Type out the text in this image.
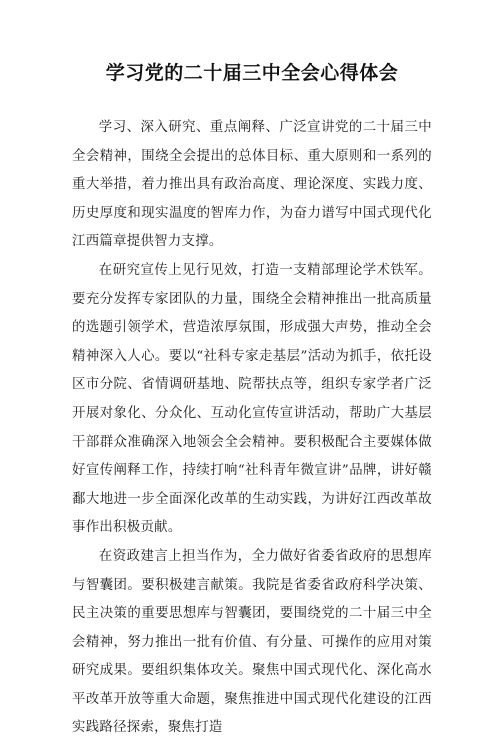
学习党的二十届三中全会心得体会

学习、深入研究、重点阐释、广泛宣讲党的二十届三中全会精神，围绕全会提出的总体目标、重大原则和一系列的重大举措，着力推出具有政治高度、理论深度、实践力度、历史厚度和现实温度的智库力作，为奋力谱写中国式现代化江西篇章提供智力支撑。

在研究宣传上见行见效，打造一支精部理论学术铁军。要充分发挥专家团队的力量，围绕全会精神推出一批高质量的选题引领学术，营造浓厚氛围，形成强大声势，推动全会精神深入人心。要以“社科专家走基层”活动为抓手，依托设区市分院、省情调研基地、院帮扶点等，组织专家学者广泛开展对象化、分众化、互动化宣传宣讲活动，帮助广大基层干部群众准确深入地领会全会精神。要积极配合主要媒体做好宣传阐释工作，持续打响“社科青年微宣讲”品牌，讲好赣鄱大地进一步全面深化改革的生动实践，为讲好江西改革故事作出积极贡献。

在资政建言上担当作为，全力做好省委省政府的思想库与智囊团。要积极建言献策。我院是省委省政府科学决策、民主决策的重要思想库与智囊团，要围绕党的二十届三中全会精神，努力推出一批有价值、有分量、可操作的应用对策研究成果。要组织集体攻关。聚焦中国式现代化、深化高水平改革开放等重大命题，聚焦推进中国式现代化建设的江西实践路径探索，聚焦打造
